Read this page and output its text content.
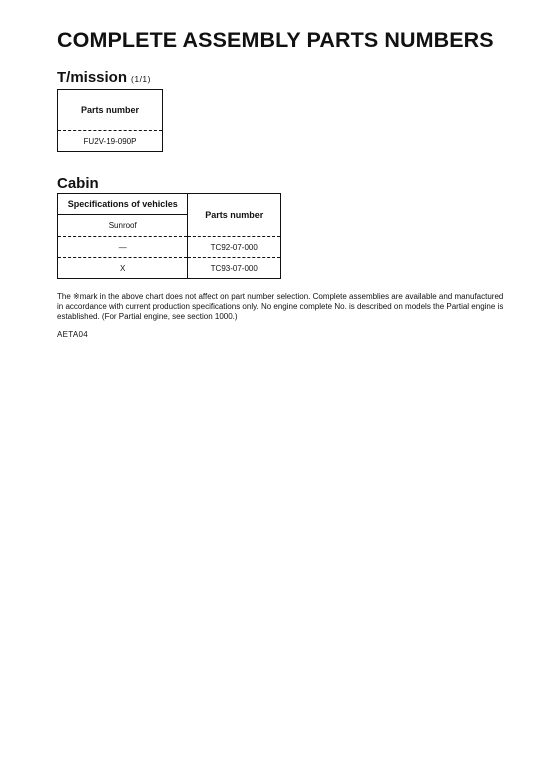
COMPLETE ASSEMBLY PARTS NUMBERS
T/mission (1/1)
Parts number
FU2V-19-090P
Cabin
Specifications of vehicles	Parts number
Sunroof	
—	TC92-07-000
X	TC93-07-000
The ※mark in the above chart does not affect on part number selection. Complete assemblies are available and manufactured in accordance with current production specifications only. No engine complete No. is described on models the Partial engine is established. (For Partial engine, see section 1000.)
AETA04
